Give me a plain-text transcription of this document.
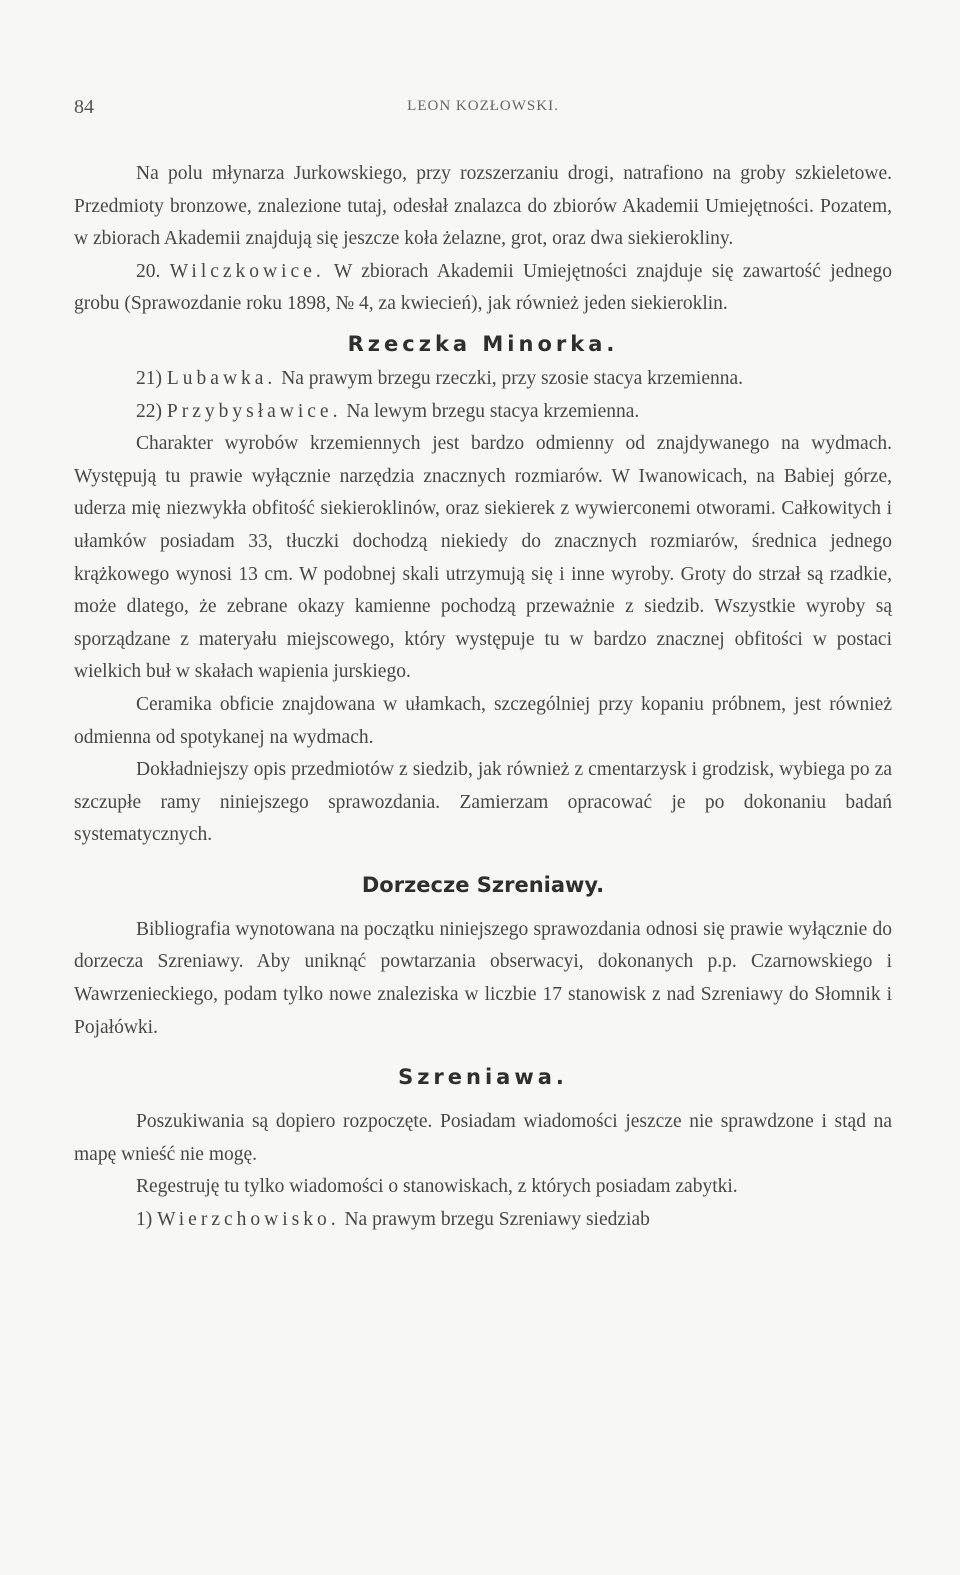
84	LEON KOZŁOWSKI.

Na polu młynarza Jurkowskiego, przy rozszerzaniu drogi, natrafiono na groby szkieletowe. Przedmioty bronzowe, znalezione tutaj, odesłał znalazca do zbiorów Akademii Umiejętności. Pozatem, w zbiorach Akademii znajdują się jeszcze koła żelazne, grot, oraz dwa siekierokliny.

20. Wilczkowice. W zbiorach Akademii Umiejętności znajduje się zawartość jednego grobu (Sprawozdanie roku 1898, № 4, za kwiecień), jak również jeden siekieroklin.

Rzeczka Minorka.

21) Lubawka. Na prawym brzegu rzeczki, przy szosie stacya krzemienna.

22) Przybysławice. Na lewym brzegu stacya krzemienna.

Charakter wyrobów krzemiennych jest bardzo odmienny od znajdywanego na wydmach. Występują tu prawie wyłącznie narzędzia znacznych rozmiarów. W Iwanowicach, na Babiej górze, uderza mię niezwykła obfitość siekieroklinów, oraz siekierek z wywierconemi otworami. Całkowitych i ułamków posiadam 33, tłuczki dochodzą niekiedy do znacznych rozmiarów, średnica jednego krążkowego wynosi 13 cm. W podobnej skali utrzymują się i inne wyroby. Groty do strzał są rzadkie, może dlatego, że zebrane okazy kamienne pochodzą przeważnie z siedzib. Wszystkie wyroby są sporządzane z materyału miejscowego, który występuje tu w bardzo znacznej obfitości w postaci wielkich buł w skałach wapienia jurskiego.

Ceramika obficie znajdowana w ułamkach, szczególniej przy kopaniu próbnem, jest również odmienna od spotykanej na wydmach.

Dokładniejszy opis przedmiotów z siedzib, jak również z cmentarzysk i grodzisk, wybiega po za szczupłe ramy niniejszego sprawozdania. Zamierzam opracować je po dokonaniu badań systematycznych.

Dorzecze Szreniawy.

Bibliografia wynotowana na początku niniejszego sprawozdania odnosi się prawie wyłącznie do dorzecza Szreniawy. Aby uniknąć powtarzania obserwacyi, dokonanych p.p. Czarnowskiego i Wawrzenieckiego, podam tylko nowe znaleziska w liczbie 17 stanowisk z nad Szreniawy do Słomnik i Pojałówki.

Szreniawa.

Poszukiwania są dopiero rozpoczęte. Posiadam wiadomości jeszcze nie sprawdzone i stąd na mapę wnieść nie mogę.

Regestruję tu tylko wiadomości o stanowiskach, z których posiadam zabytki.

1) Wierzchowisko. Na prawym brzegu Szreniawy siedziab
